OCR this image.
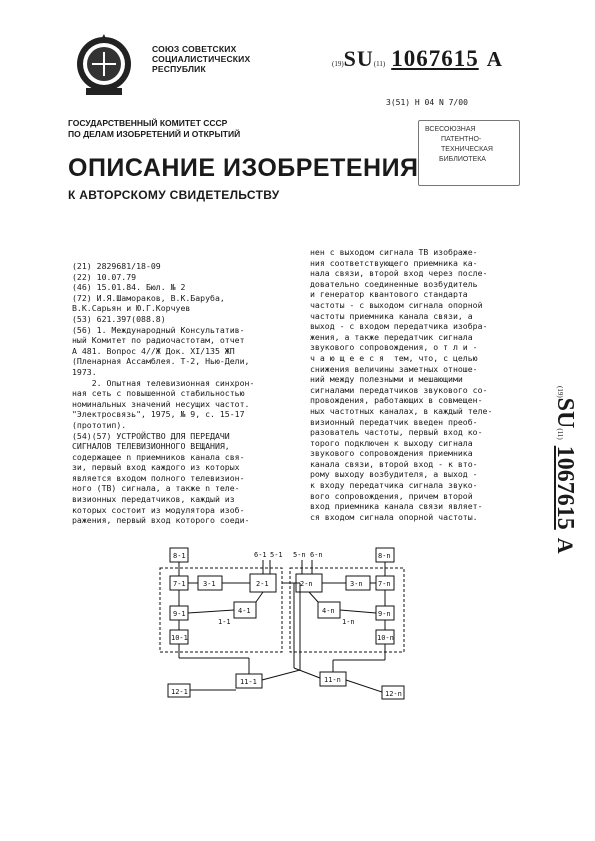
СОЮЗ СОВЕТСКИХ
СОЦИАЛИСТИЧЕСКИХ
РЕСПУБЛИК	(19)SU(11) 1067615 A
3(51) Н 04 N 7/00
ГОСУДАРСТВЕННЫЙ КОМИТЕТ СССР
ПО ДЕЛАМ ИЗОБРЕТЕНИЙ И ОТКРЫТИЙ	ВСЕСОЮЗНАЯ
ПАТЕНТНО-ТЕХНИЧЕСКАЯ
БИБЛИОТЕКА
ОПИСАНИЕ ИЗОБРЕТЕНИЯ
К АВТОРСКОМУ СВИДЕТЕЛЬСТВУ
(21) 2829681/18-09
(22) 10.07.79
(46) 15.01.84. Бюл. № 2
(72) И.Я.Шамораков, В.К.Баруба,
В.К.Сарьян и Ю.Г.Корчуев
(53) 621.397(088.8)
(56) 1. Международный Консультатив-
ный Комитет по радиочастотам, отчет
А 481. Вопрос 4//Ж Док. XI/135 ЖП
(Пленарная Ассамблея. Т-2, Нью-Дели,
1973.
2. Опытная телевизионная синхрон-
ная сеть с повышенной стабильностью
номинальных значений несущих частот.
"Электросвязь", 1975, № 9, с. 15-17
(прототип).
(54)(57) УСТРОЙСТВО ДЛЯ ПЕРЕДАЧИ
СИГНАЛОВ ТЕЛЕВИЗИОННОГО ВЕЩАНИЯ,
содержащее n приемников канала свя-
зи, первый вход каждого из которых
является входом полного телевизион-
ного (ТВ) сигнала, а также n теле-
визионных передатчиков, каждый из
которых состоит из модулятора изоб-
ражения, первый вход которого соеди-
нен с выходом сигнала ТВ изображе-
ния соответствующего приемника ка-
нала связи, второй вход через после-
довательно соединенные возбудитель
и генератор квантового стандарта
частоты - с выходом сигнала опорной
частоты приемника канала связи, а
выход - с входом передатчика изобра-
жения, а также передатчик сигнала
звукового сопровождения, о т л и -
ч а ю щ е е с я  тем, что, с целью
снижения величины заметных отноше-
ний между полезными и мешающими
сигналами передатчиков звукового со-
провождения, работающих в совмещен-
ных частотных каналах, в каждый теле-
визионный передатчик введен преоб-
разователь частоты, первый вход ко-
торого подключен к выходу сигнала
звукового сопровождения приемника
канала связи, второй вход - к вто-
рому выходу возбудителя, а выход -
к входу передатчика сигнала звуко-
вого сопровождения, причем второй
вход приемника канала связи являет-
ся входом сигнала опорной частоты.
(19)SU(11)1067615A
8-1
7-1 3-1	2-1
9-1	4-1
10-1
11-1
12-1
6-1 5-1
1-1
8-n
7-n
3-n
2-n
9-n
4-n
10-n
11-n
12-n
5-n 6-n
1-n
